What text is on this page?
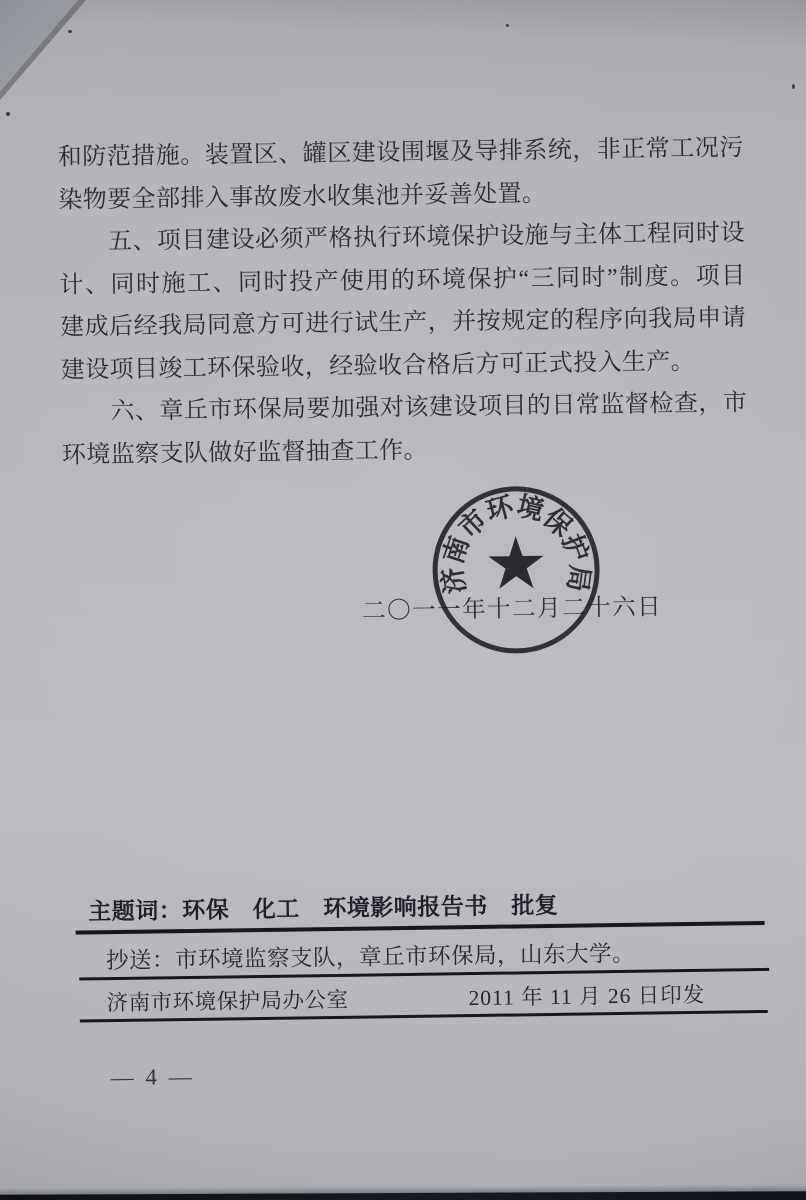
和防范措施。装置区、罐区建设围堰及导排系统，非正常工况污
染物要全部排入事故废水收集池并妥善处置。
五、项目建设必须严格执行环境保护设施与主体工程同时设
计、同时施工、同时投产使用的环境保护“三同时”制度。项目
建成后经我局同意方可进行试生产，并按规定的程序向我局申请
建设项目竣工环保验收，经验收合格后方可正式投入生产。
六、章丘市环保局要加强对该建设项目的日常监督检查，市
环境监察支队做好监督抽查工作。
二〇一一年十二月二十六日
济南市环境保护局
★
主题词：环保　化工　环境影响报告书　批复
抄送：市环境监察支队，章丘市环保局，山东大学。
济南市环境保护局办公室	2011 年 11 月 26 日印发
— 4 —
